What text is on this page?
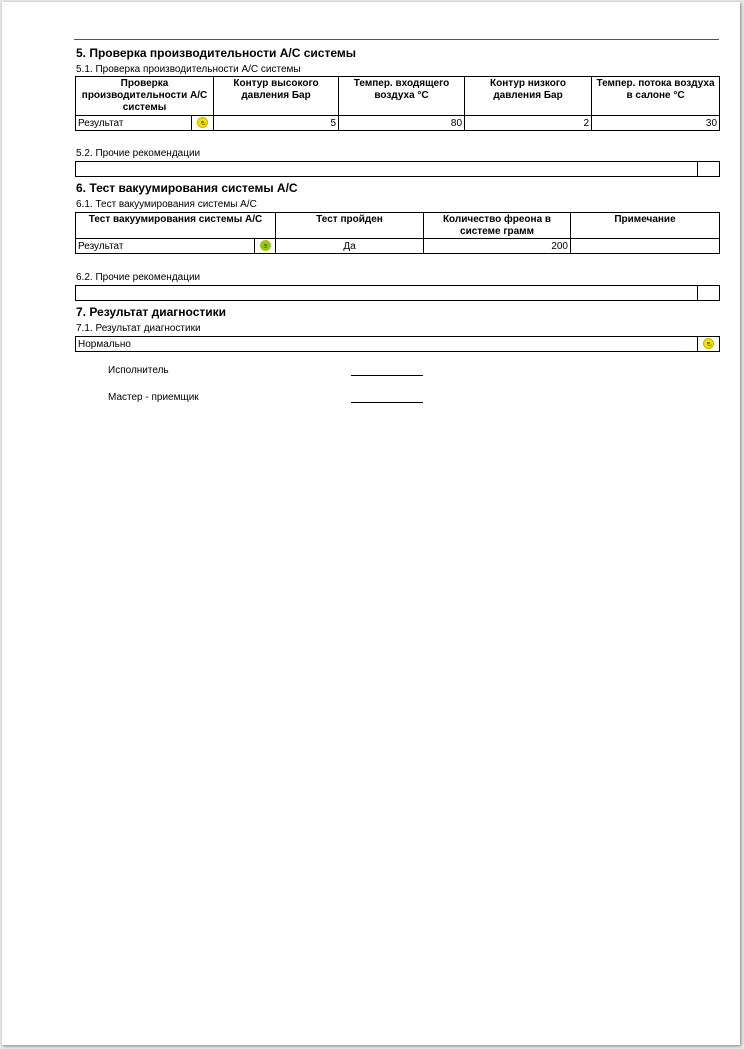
5. Проверка производительности А/С системы
5.1. Проверка производительности А/С системы
Проверка производительности А/С системы		Контур высокого давления Бар	Темпер. входящего воздуха °С	Контур низкого давления Бар	Темпер. потока воздуха в салоне °С
Результат		5	80	2	30
5.2. Прочие рекомендации

6. Тест вакуумирования системы А/С
6.1. Тест вакуумирования системы А/С
Тест вакуумирования системы А/С		Тест пройден	Количество фреона в системе грамм	Примечание
Результат		Да	200	
6.2. Прочие рекомендации

7. Результат диагностики
7.1. Результат диагностики
Нормально	
Исполнитель
Мастер - приемщик
